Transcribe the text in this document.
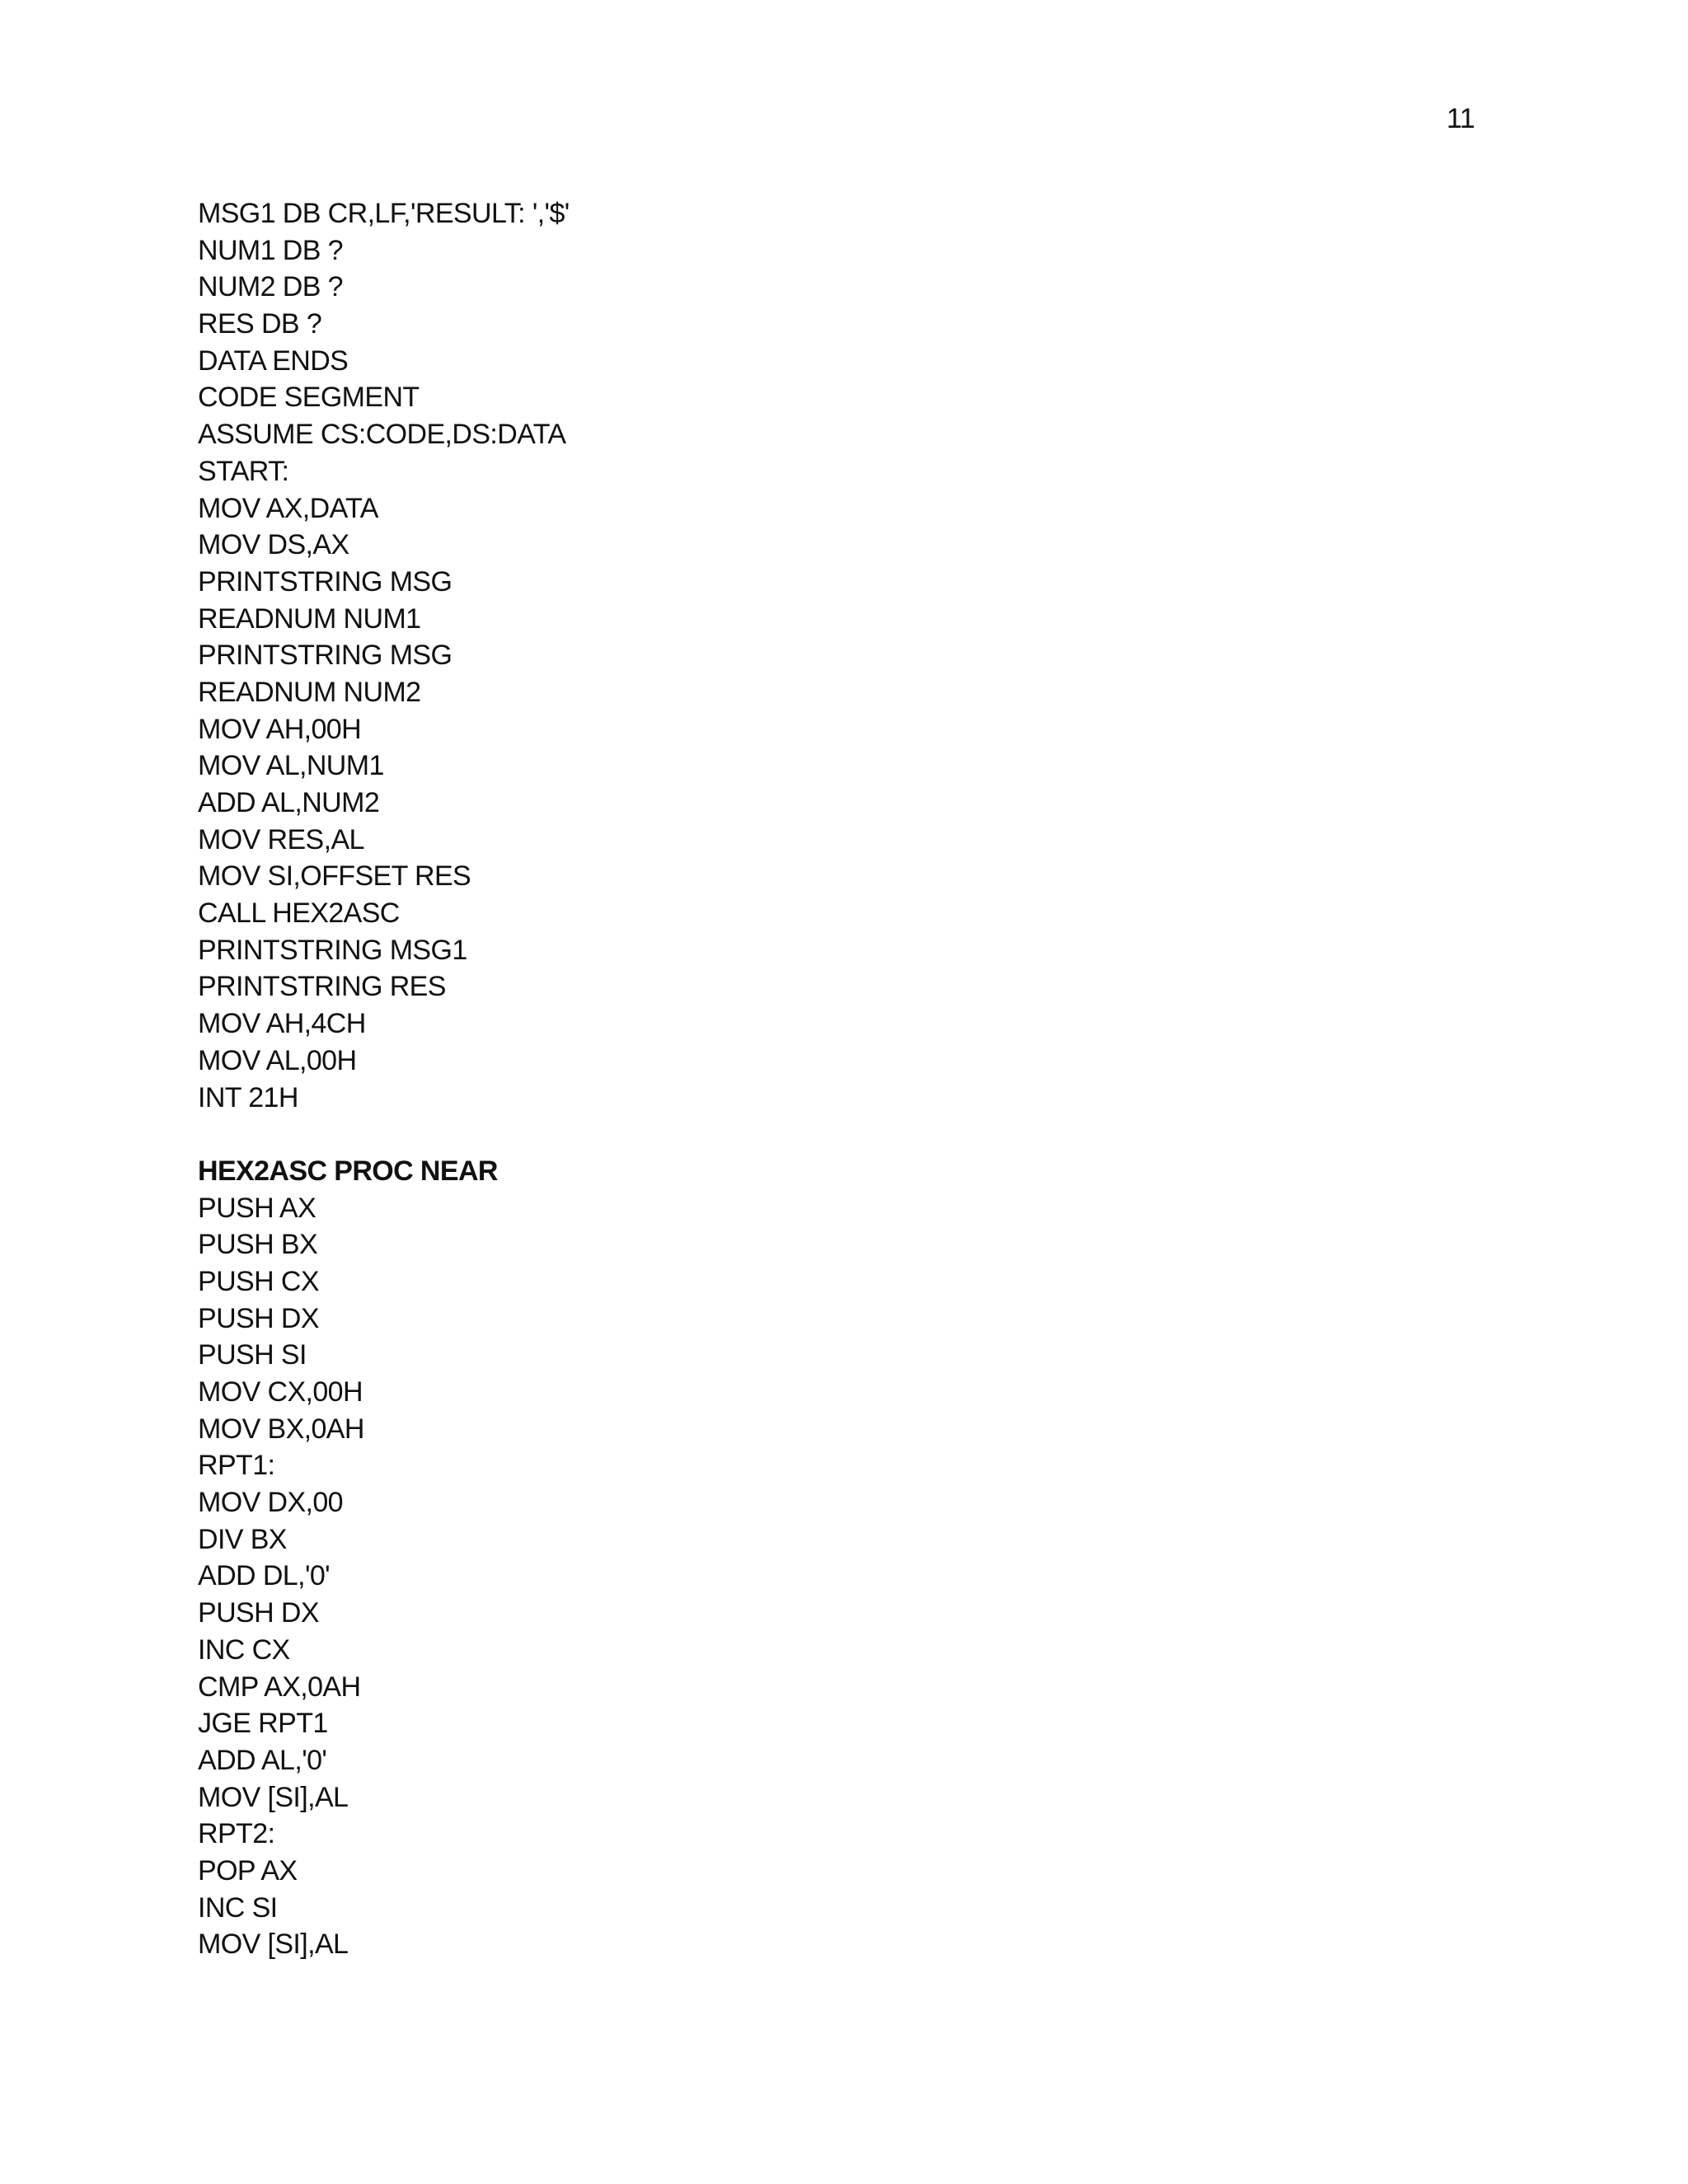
11
MSG1 DB CR,LF,'RESULT: ','$'
NUM1 DB ?
NUM2 DB ?
RES DB ?
DATA ENDS
CODE SEGMENT
ASSUME CS:CODE,DS:DATA
START:
MOV AX,DATA
MOV DS,AX
PRINTSTRING MSG
READNUM NUM1
PRINTSTRING MSG
READNUM NUM2
MOV AH,00H
MOV AL,NUM1
ADD AL,NUM2
MOV RES,AL
MOV SI,OFFSET RES
CALL HEX2ASC
PRINTSTRING MSG1
PRINTSTRING RES
MOV AH,4CH
MOV AL,00H
INT 21H
HEX2ASC PROC NEAR
PUSH AX
PUSH BX
PUSH CX
PUSH DX
PUSH SI
MOV CX,00H
MOV BX,0AH
RPT1:
MOV DX,00
DIV BX
ADD DL,'0'
PUSH DX
INC CX
CMP AX,0AH
JGE RPT1
ADD AL,'0'
MOV [SI],AL
RPT2:
POP AX
INC SI
MOV [SI],AL
